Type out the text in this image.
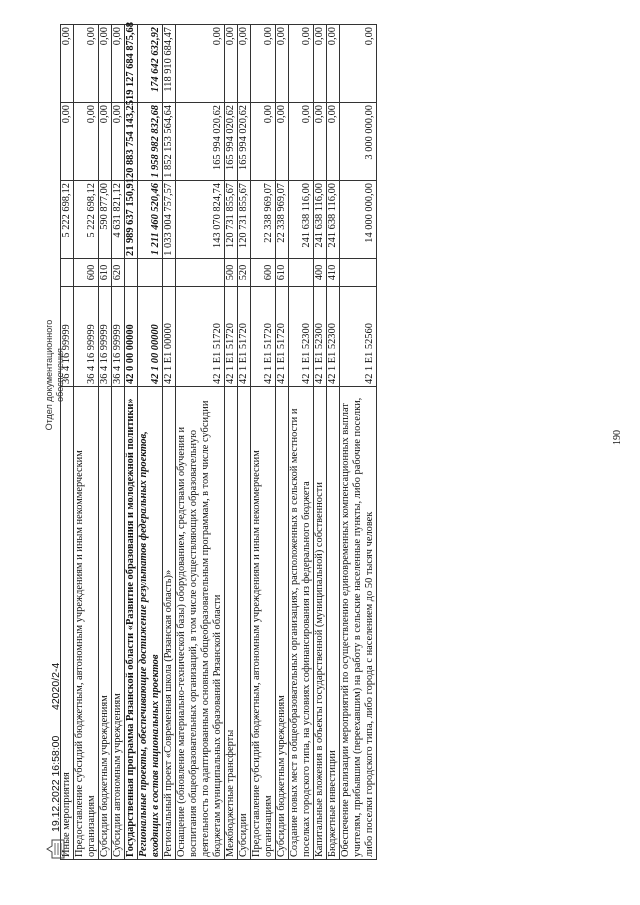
190
Иные мероприятия	36 4 16 99999		5 222 698,12	0,00	0,00
Предоставление субсидий бюджетным, автономным учреждениям и иным некоммерческим организациям	36 4 16 99999	600	5 222 698,12	0,00	0,00
Субсидии бюджетным учреждениям	36 4 16 99999	610	590 877,00	0,00	0,00
Субсидии автономным учреждениям	36 4 16 99999	620	4 631 821,12	0,00	0,00
Государственная программа Рязанской области «Развитие образования и молодежной политики»	42 0 00 00000		21 989 637 150,91	20 883 754 143,25	19 127 684 875,68
Региональные проекты, обеспечивающие достижение результатов федеральных проектов, входящих в состав национальных проектов	42 1 00 00000		1 211 460 520,46	1 958 982 832,68	174 642 632,92
Региональный проект «Современная школа (Рязанская область)»	42 1 E1 00000		1 033 004 757,57	1 852 153 564,64	118 910 684,47
Оснащение (обновление материально-технической базы) оборудованием, средствами обучения и воспитания общеобразовательных организаций, в том числе осуществляющих образовательную деятельность по адаптированным основным общеобразовательным программам, в том числе субсидии бюджетам муниципальных образований Рязанской области	42 1 E1 51720		143 070 824,74	165 994 020,62	0,00
Межбюджетные трансферты	42 1 E1 51720	500	120 731 855,67	165 994 020,62	0,00
Субсидии	42 1 E1 51720	520	120 731 855,67	165 994 020,62	0,00
Предоставление субсидий бюджетным, автономным учреждениям и иным некоммерческим организациям	42 1 E1 51720	600	22 338 969,07	0,00	0,00
Субсидии бюджетным учреждениям	42 1 E1 51720	610	22 338 969,07	0,00	0,00
Создание новых мест в общеобразовательных организациях, расположенных в сельской местности и поселках городского типа, на условиях софинансирования из федерального бюджета	42 1 E1 52300		241 638 116,00	0,00	0,00
Капитальные вложения в объекты государственной (муниципальной) собственности	42 1 E1 52300	400	241 638 116,00	0,00	0,00
Бюджетные инвестиции	42 1 E1 52300	410	241 638 116,00	0,00	0,00
Обеспечение реализации мероприятий по осуществлению единовременных компенсационных выплат учителям, прибывшим (переехавшим) на работу в сельские населенные пункты, либо рабочие поселки, либо поселки городского типа, либо города с населением до 50 тысяч человек	42 1 E1 52560		14 000 000,00	3 000 000,00	0,00
19.12.2022 16:58:00
42020/2-4
Отдел документационного обеспечения
